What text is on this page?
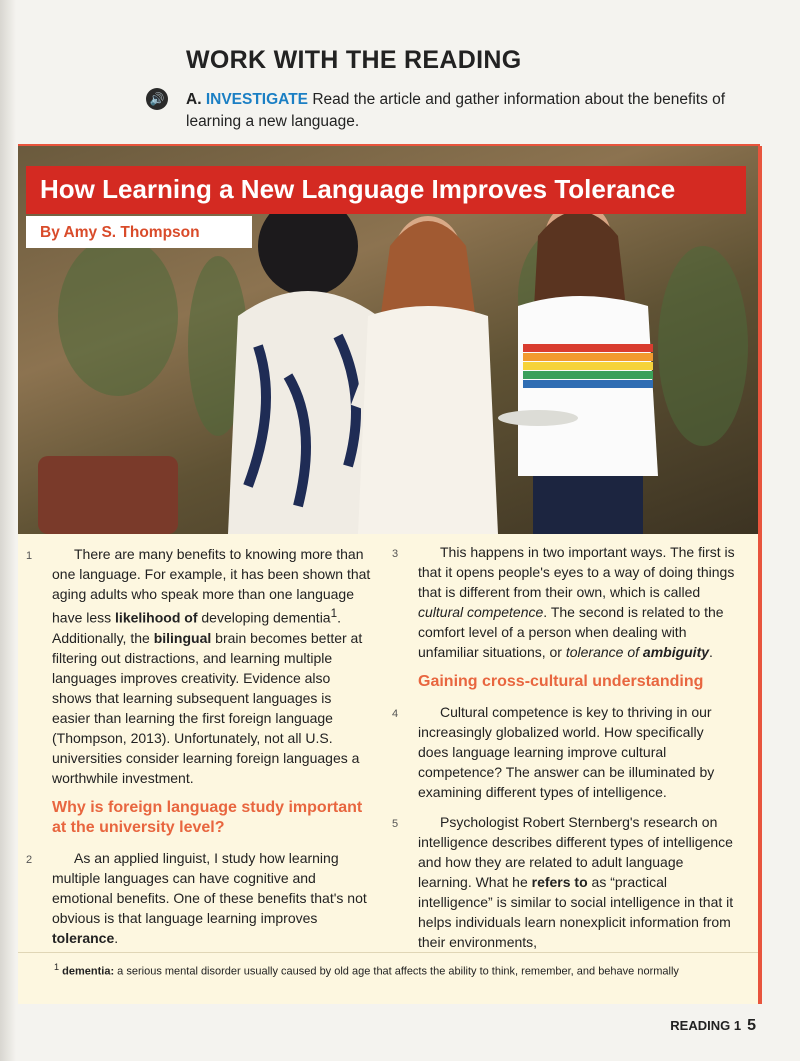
WORK WITH THE READING
🔊 A. INVESTIGATE Read the article and gather information about the benefits of learning a new language.
How Learning a New Language Improves Tolerance
By Amy S. Thompson

1	There are many benefits to knowing more than one language. For example, it has been shown that aging adults who speak more than one language have less likelihood of developing dementia$^1$. Additionally, the bilingual brain becomes better at filtering out distractions, and learning multiple languages improves creativity. Evidence also shows that learning subsequent languages is easier than learning the first foreign language (Thompson, 2013). Unfortunately, not all U.S. universities consider learning foreign languages a worthwhile investment.

Why is foreign language study important at the university level?

2	As an applied linguist, I study how learning multiple languages can have cognitive and emotional benefits. One of these benefits that's not obvious is that language learning improves tolerance.

3	This happens in two important ways. The first is that it opens people's eyes to a way of doing things that is different from their own, which is called cultural competence. The second is related to the comfort level of a person when dealing with unfamiliar situations, or tolerance of ambiguity.

Gaining cross-cultural understanding

4	Cultural competence is key to thriving in our increasingly globalized world. How specifically does language learning improve cultural competence? The answer can be illuminated by examining different types of intelligence.

5	Psychologist Robert Sternberg's research on intelligence describes different types of intelligence and how they are related to adult language learning. What he refers to as “practical intelligence” is similar to social intelligence in that it helps individuals learn nonexplicit information from their environments,

$^1$ dementia: a serious mental disorder usually caused by old age that affects the ability to think, remember, and behave normally
READING 1 5
